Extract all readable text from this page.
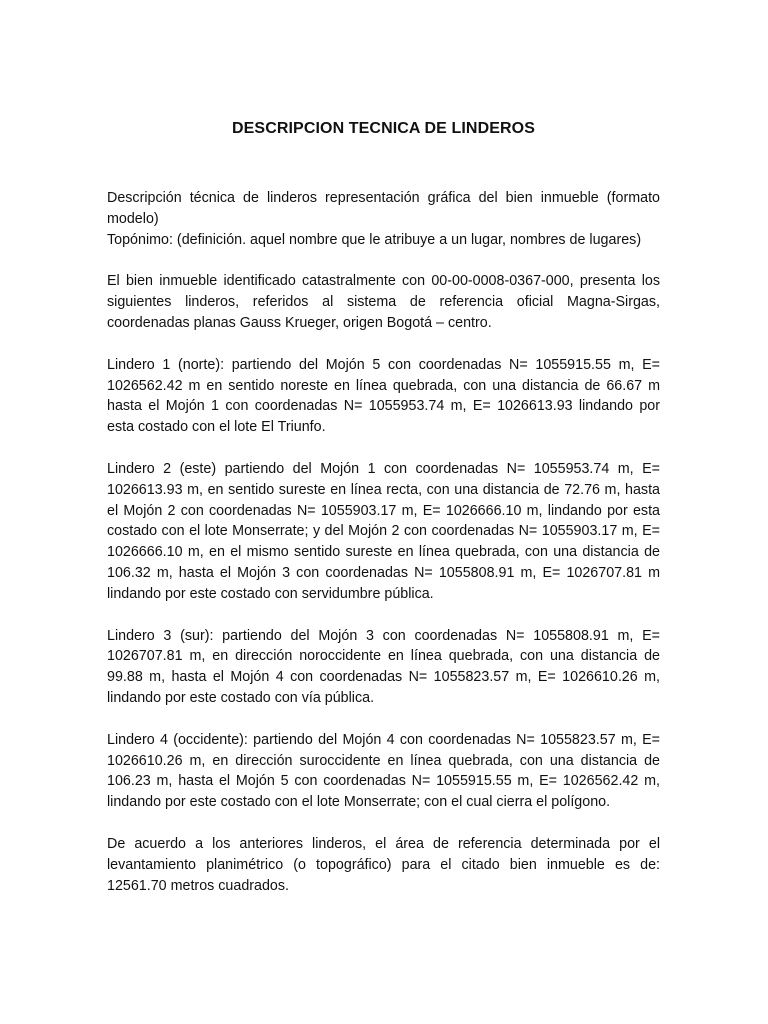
DESCRIPCION TECNICA DE LINDEROS
Descripción técnica de linderos representación gráfica del bien inmueble (formato modelo)
Topónimo: (definición. aquel nombre que le atribuye a un lugar, nombres de lugares)
El bien inmueble identificado catastralmente con 00-00-0008-0367-000, presenta los siguientes linderos, referidos al sistema de referencia oficial Magna-Sirgas, coordenadas planas Gauss Krueger, origen Bogotá – centro.
Lindero 1 (norte): partiendo del Mojón 5 con coordenadas N= 1055915.55 m, E= 1026562.42 m en sentido noreste en línea quebrada, con una distancia de 66.67 m hasta el Mojón 1 con coordenadas N= 1055953.74 m, E= 1026613.93 lindando por esta costado con el lote El Triunfo.
Lindero 2 (este) partiendo del Mojón 1 con coordenadas N= 1055953.74 m, E= 1026613.93 m, en sentido sureste en línea recta, con una distancia de 72.76 m, hasta el Mojón 2 con coordenadas N= 1055903.17 m, E= 1026666.10 m, lindando por esta costado con el lote Monserrate; y del Mojón 2 con coordenadas N= 1055903.17 m, E= 1026666.10 m, en el mismo sentido sureste en línea quebrada, con una distancia de 106.32 m, hasta el Mojón 3 con coordenadas N= 1055808.91 m, E= 1026707.81 m lindando por este costado con servidumbre pública.
Lindero 3 (sur): partiendo del Mojón 3 con coordenadas N= 1055808.91 m, E= 1026707.81 m, en dirección noroccidente en línea quebrada, con una distancia de 99.88 m, hasta el Mojón 4 con coordenadas N= 1055823.57 m, E= 1026610.26 m, lindando por este costado con vía pública.
Lindero 4 (occidente): partiendo del Mojón 4 con coordenadas N= 1055823.57 m, E= 1026610.26 m, en dirección suroccidente en línea quebrada, con una distancia de 106.23 m, hasta el Mojón 5 con coordenadas N= 1055915.55 m, E= 1026562.42 m, lindando por este costado con el lote Monserrate; con el cual cierra el polígono.
De acuerdo a los anteriores linderos, el área de referencia determinada por el levantamiento planimétrico (o topográfico) para el citado bien inmueble es de: 12561.70 metros cuadrados.
